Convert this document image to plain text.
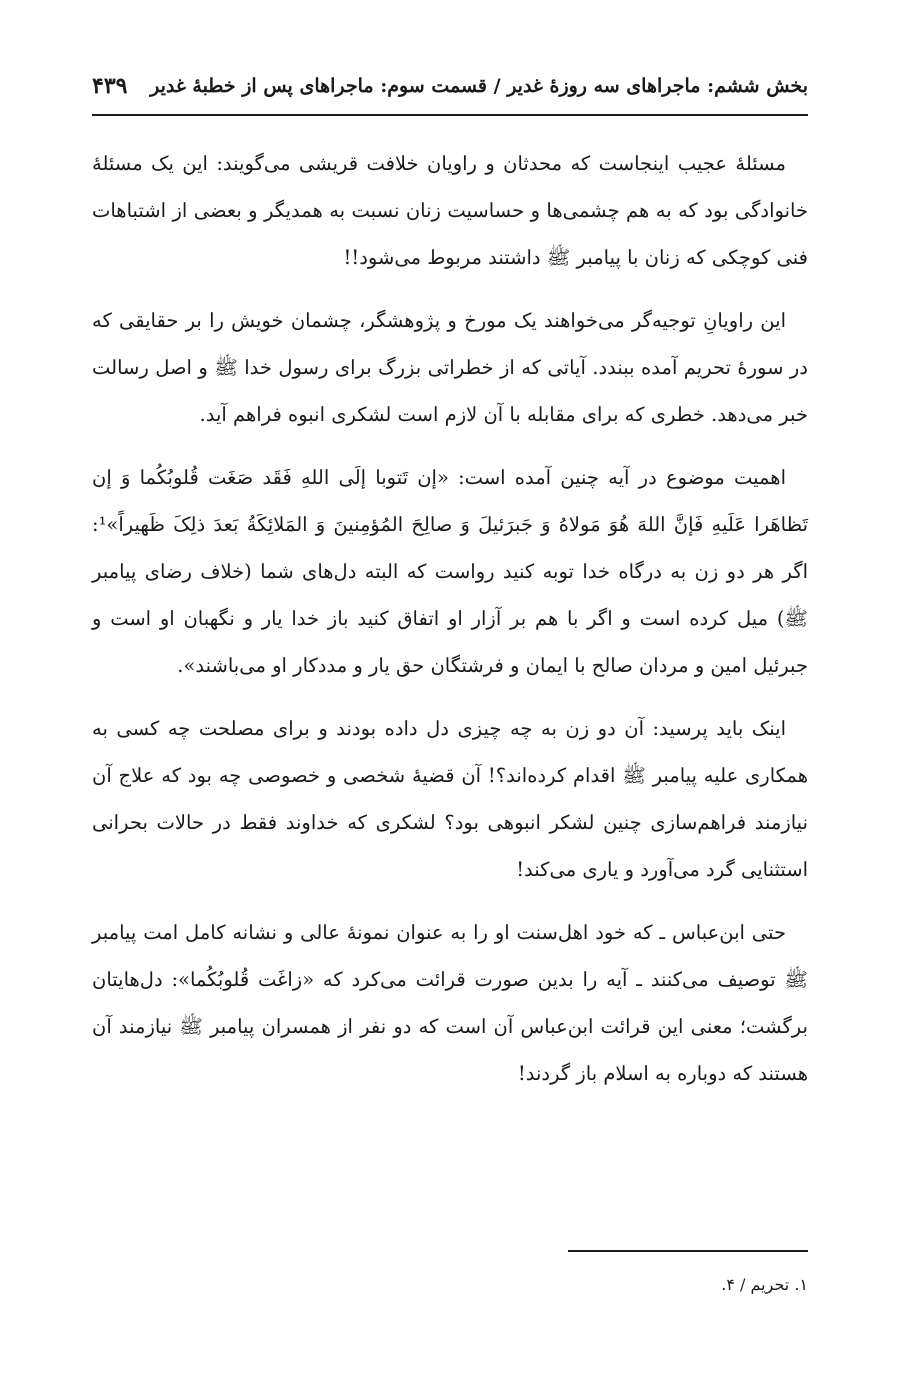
بخش ششم: ماجراهای سه روزهٔ غدیر / قسمت سوم: ماجراهای پس از خطبهٔ غدیر
۴۳۹

مسئلهٔ عجیب اینجاست که محدثان و راویان خلافت قریشی می‌گویند: این یک مسئلهٔ خانوادگی بود که به هم چشمی‌ها و حساسیت زنان نسبت به همدیگر و بعضی از اشتباهات فنی کوچکی که زنان با پیامبر ﷺ داشتند مربوط می‌شود!!

این راویانِ توجیه‌گر می‌خواهند یک مورخ و پژوهشگر، چشمان خویش را بر حقایقی که در سورهٔ تحریم آمده ببندد. آیاتی که از خطراتی بزرگ برای رسول خدا ﷺ و اصل رسالت خبر می‌دهد. خطری که برای مقابله با آن لازم است لشکری انبوه فراهم آید.

اهمیت موضوع در آیه چنین آمده است: «إن تَتوبا إلَی اللهِ فَقَد صَغَت قُلوبُکُما وَ إن تَظاهَرا عَلَیهِ فَإنَّ اللهَ هُوَ مَولاهُ وَ جَبرَئیلَ وَ صالِحَ المُؤمِنینَ وَ المَلائِکَةُ بَعدَ ذلِکَ ظَهیراً»¹: اگر هر دو زن به درگاه خدا توبه کنید رواست که البته دل‌های شما (خلاف رضای پیامبر ﷺ) میل کرده است و اگر با هم بر آزار او اتفاق کنید باز خدا یار و نگهبان او است و جبرئیل امین و مردان صالح با ایمان و فرشتگان حق یار و مددکار او می‌باشند».

اینک باید پرسید: آن دو زن به چه چیزی دل داده بودند و برای مصلحت چه کسی به همکاری علیه پیامبر ﷺ اقدام کرده‌اند؟! آن قضیهٔ شخصی و خصوصی چه بود که علاج آن نیازمند فراهم‌سازی چنین لشکر انبوهی بود؟ لشکری که خداوند فقط در حالات بحرانی استثنایی گرد می‌آورد و یاری می‌کند!

حتی ابن‌عباس ـ که خود اهل‌سنت او را به عنوان نمونهٔ عالی و نشانه کامل امت پیامبر ﷺ توصیف می‌کنند ـ آیه را بدین صورت قرائت می‌کرد که «زاغَت قُلوبُکُما»: دل‌هایتان برگشت؛ معنی این قرائت ابن‌عباس آن است که دو نفر از همسران پیامبر ﷺ نیازمند آن هستند که دوباره به اسلام باز گردند!

۱. تحریم / ۴.
